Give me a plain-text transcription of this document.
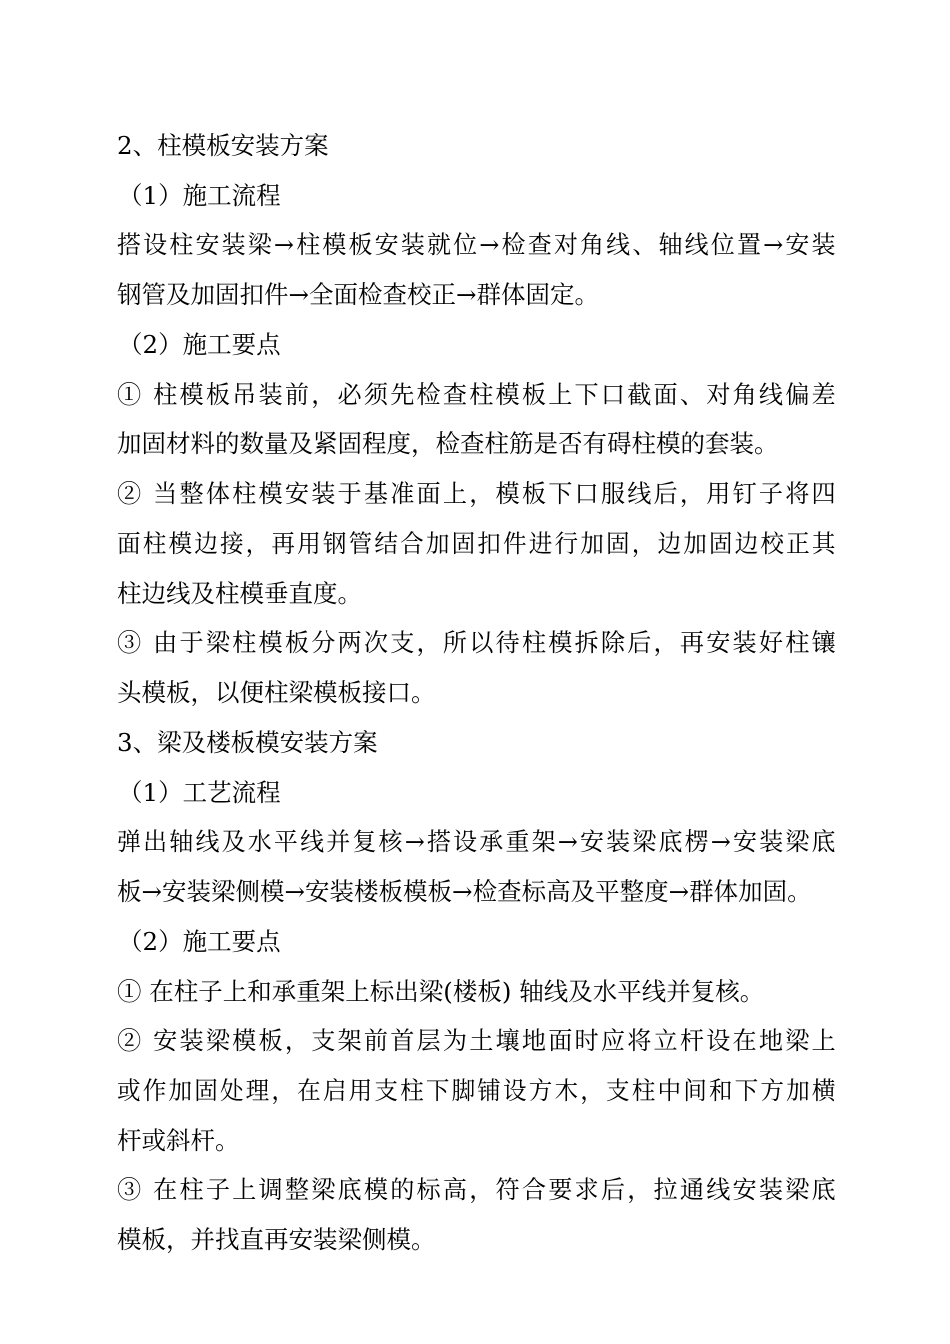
2、柱模板安装方案
（1）施工流程
搭设柱安装梁→柱模板安装就位→检查对角线、轴线位置→安装
钢管及加固扣件→全面检查校正→群体固定。
（2）施工要点
① 柱模板吊装前，必须先检查柱模板上下口截面、对角线偏差
加固材料的数量及紧固程度，检查柱筋是否有碍柱模的套装。
② 当整体柱模安装于基准面上，模板下口服线后，用钉子将四
面柱模边接，再用钢管结合加固扣件进行加固，边加固边校正其
柱边线及柱模垂直度。
③ 由于梁柱模板分两次支，所以待柱模拆除后，再安装好柱镶
头模板，以便柱梁模板接口。
3、梁及楼板模安装方案
（1）工艺流程
弹出轴线及水平线并复核→搭设承重架→安装梁底楞→安装梁底
板→安装梁侧模→安装楼板模板→检查标高及平整度→群体加固。
（2）施工要点
① 在柱子上和承重架上标出梁(楼板) 轴线及水平线并复核。
② 安装梁模板，支架前首层为土壤地面时应将立杆设在地梁上
或作加固处理，在启用支柱下脚铺设方木，支柱中间和下方加横
杆或斜杆。
③ 在柱子上调整梁底模的标高，符合要求后，拉通线安装梁底
模板，并找直再安装梁侧模。
